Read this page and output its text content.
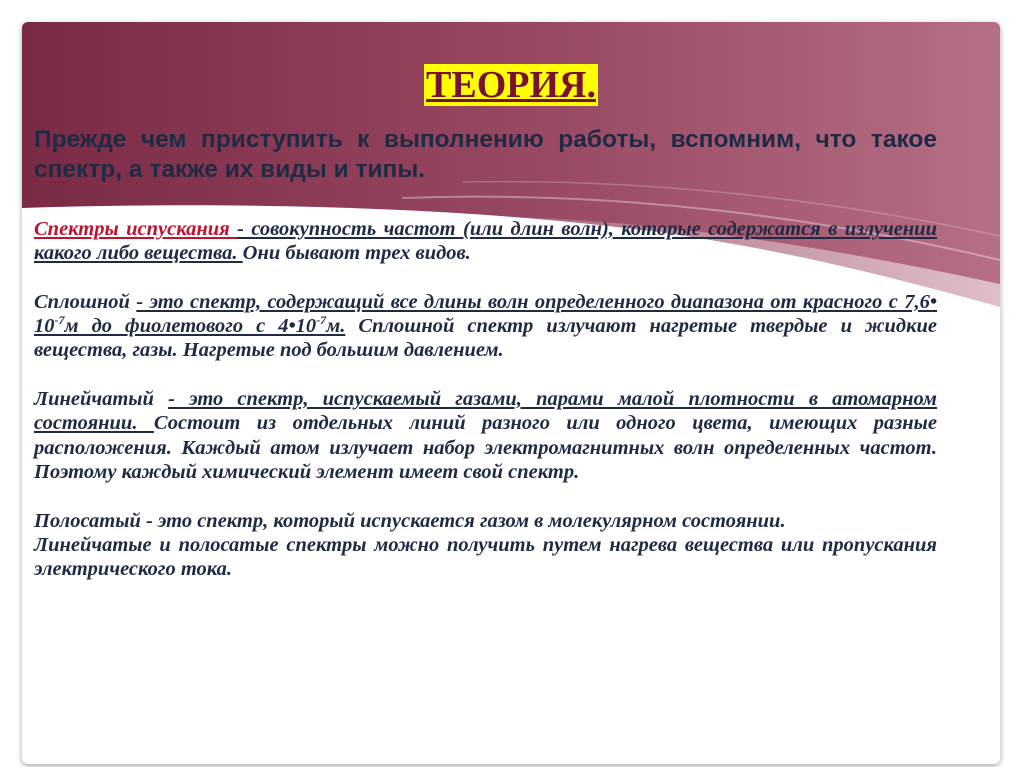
ТЕОРИЯ.
Прежде чем приступить к выполнению работы, вспомним, что такое спектр, а также их виды и типы.

Спектры испускания - совокупность частот (или длин волн), которые содержатся в излучении какого либо вещества. Они бывают трех видов.

Сплошной - это спектр, содержащий все длины волн определенного диапазона от красного с 7,6• $10^{-7}м$ до фиолетового с $4•10^{-7}м$. Сплошной спектр излучают нагретые твердые и жидкие вещества, газы. Нагретые под большим давлением.

Линейчатый - это спектр, испускаемый газами, парами малой плотности в атомарном состоянии. Состоит из отдельных линий разного или одного цвета, имеющих разные расположения. Каждый атом излучает набор электромагнитных волн определенных частот. Поэтому каждый химический элемент имеет свой спектр.

Полосатый - это спектр, который испускается газом в молекулярном состоянии.

Линейчатые и полосатые спектры можно получить путем нагрева вещества или пропускания электрического тока.
